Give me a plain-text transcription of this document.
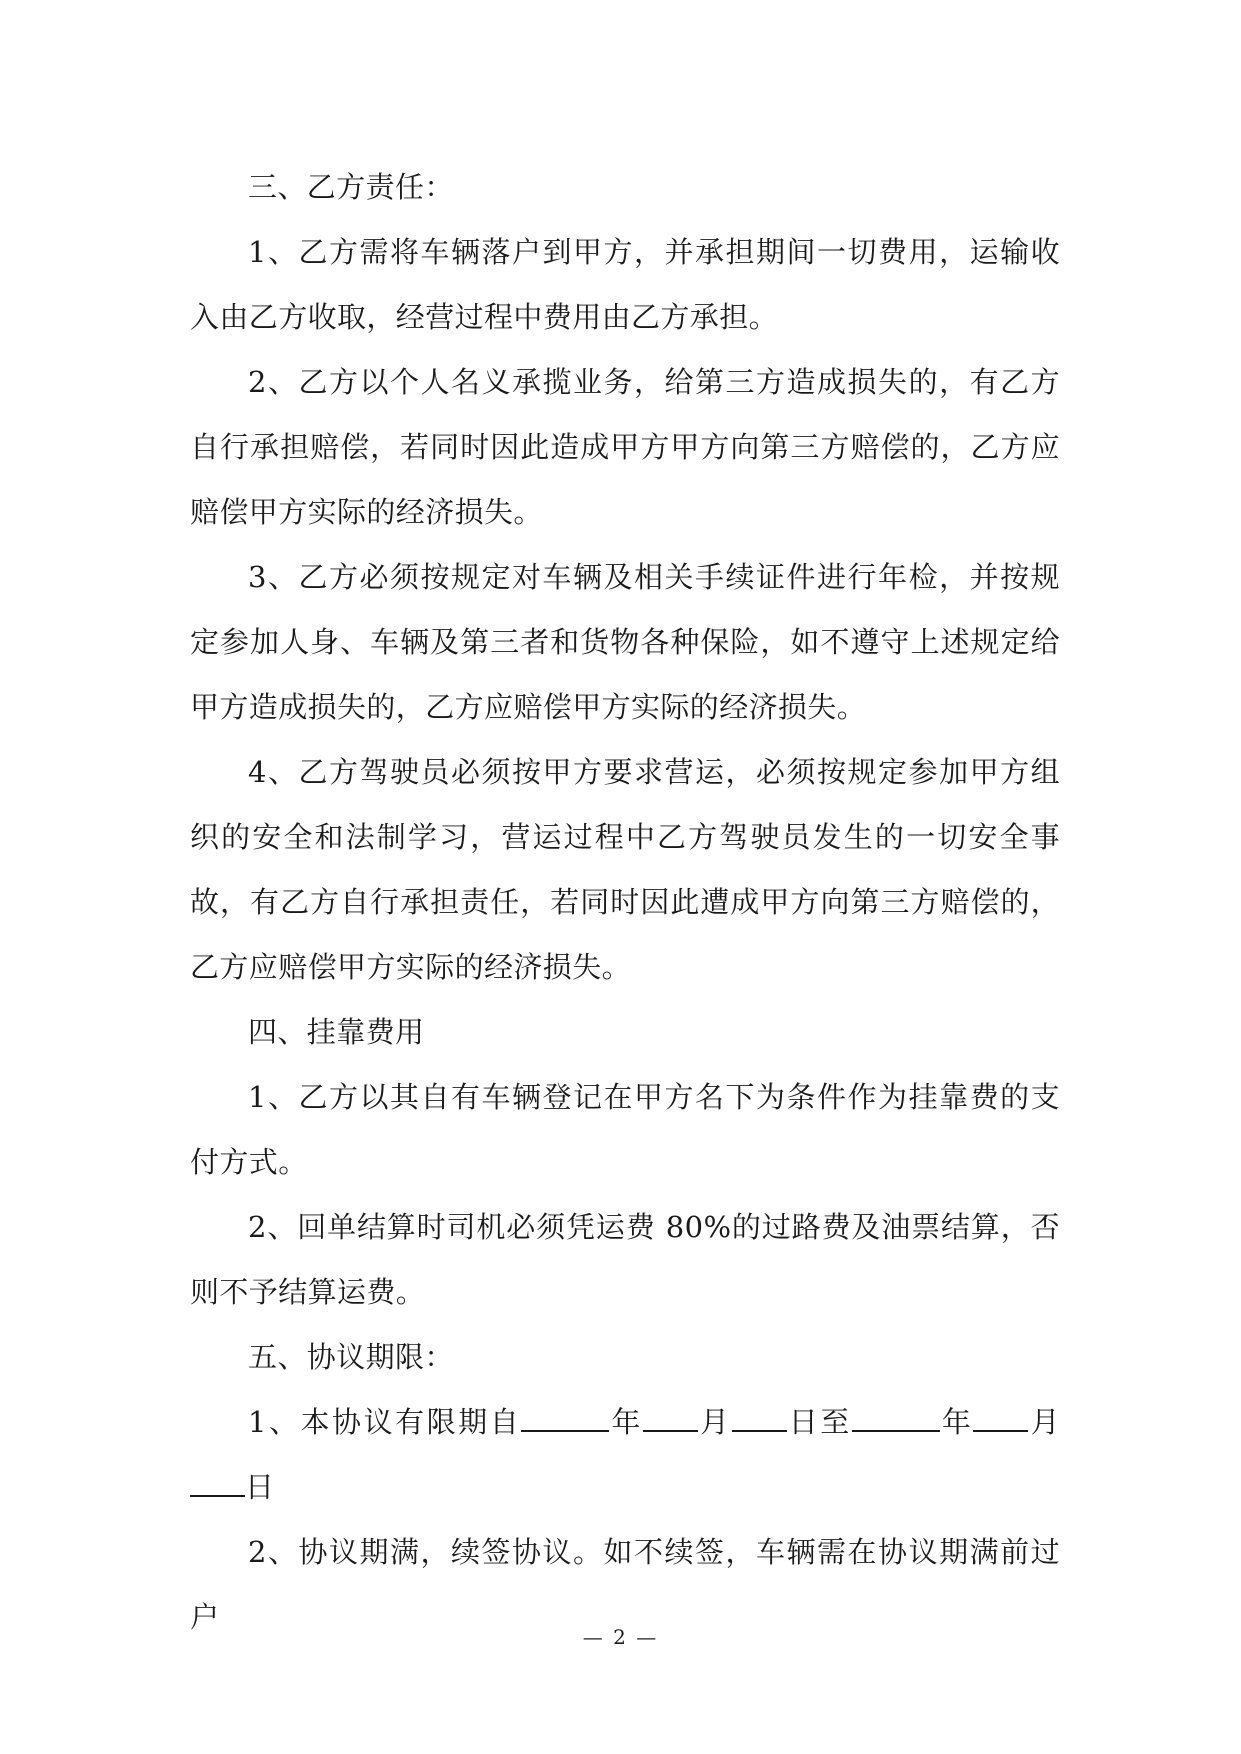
三、乙方责任：

1、乙方需将车辆落户到甲方，并承担期间一切费用，运输收入由乙方收取，经营过程中费用由乙方承担。

2、乙方以个人名义承揽业务，给第三方造成损失的，有乙方自行承担赔偿，若同时因此造成甲方甲方向第三方赔偿的，乙方应赔偿甲方实际的经济损失。

3、乙方必须按规定对车辆及相关手续证件进行年检，并按规定参加人身、车辆及第三者和货物各种保险，如不遵守上述规定给甲方造成损失的，乙方应赔偿甲方实际的经济损失。

4、乙方驾驶员必须按甲方要求营运，必须按规定参加甲方组织的安全和法制学习，营运过程中乙方驾驶员发生的一切安全事故，有乙方自行承担责任，若同时因此遭成甲方向第三方赔偿的，乙方应赔偿甲方实际的经济损失。

四、挂靠费用

1、乙方以其自有车辆登记在甲方名下为条件作为挂靠费的支付方式。

2、回单结算时司机必须凭运费 80%的过路费及油票结算，否则不予结算运费。

五、协议期限：

1、本协议有限期自	年 月 日至	年 月日

2、协议期满，续签协议。如不续签，车辆需在协议期满前过户

— 2 —
